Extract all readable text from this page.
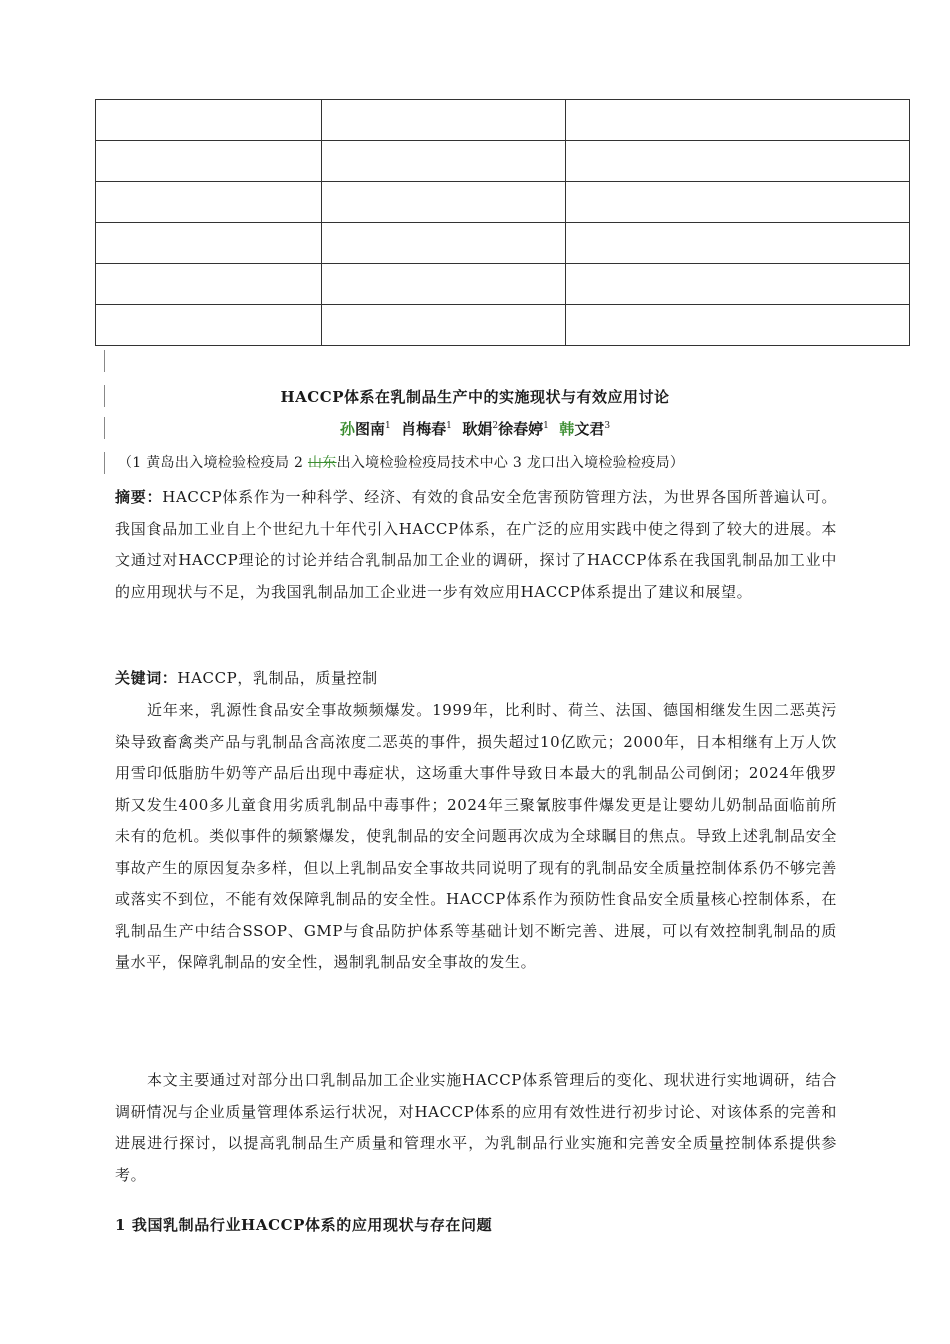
HACCP体系在乳制品生产中的实施现状与有效应用讨论
孙图南$^1$ 肖梅春$^1$ 耿娟$^2$徐春婷$^1$ 韩文君$^3$
（1 黄岛出入境检验检疫局 2 山东出入境检验检疫局技术中心 3 龙口出入境检验检疫局）
摘要：HACCP体系作为一种科学、经济、有效的食品安全危害预防管理方法，为世界各国所普遍认可。我国食品加工业自上个世纪九十年代引入HACCP体系，在广泛的应用实践中使之得到了较大的进展。本文通过对HACCP理论的讨论并结合乳制品加工企业的调研，探讨了HACCP体系在我国乳制品加工业中的应用现状与不足，为我国乳制品加工企业进一步有效应用HACCP体系提出了建议和展望。
关键词：HACCP，乳制品，质量控制
近年来，乳源性食品安全事故频频爆发。1999年，比利时、荷兰、法国、德国相继发生因二恶英污染导致畜禽类产品与乳制品含高浓度二恶英的事件，损失超过10亿欧元；2000年，日本相继有上万人饮用雪印低脂肪牛奶等产品后出现中毒症状，这场重大事件导致日本最大的乳制品公司倒闭；2024年俄罗斯又发生400多儿童食用劣质乳制品中毒事件；2024年三聚氰胺事件爆发更是让婴幼儿奶制品面临前所未有的危机。类似事件的频繁爆发，使乳制品的安全问题再次成为全球瞩目的焦点。导致上述乳制品安全事故产生的原因复杂多样，但以上乳制品安全事故共同说明了现有的乳制品安全质量控制体系仍不够完善或落实不到位，不能有效保障乳制品的安全性。HACCP体系作为预防性食品安全质量核心控制体系，在乳制品生产中结合SSOP、GMP与食品防护体系等基础计划不断完善、进展，可以有效控制乳制品的质量水平，保障乳制品的安全性，遏制乳制品安全事故的发生。
本文主要通过对部分出口乳制品加工企业实施HACCP体系管理后的变化、现状进行实地调研，结合调研情况与企业质量管理体系运行状况，对HACCP体系的应用有效性进行初步讨论、对该体系的完善和进展进行探讨，以提高乳制品生产质量和管理水平，为乳制品行业实施和完善安全质量控制体系提供参考。
1 我国乳制品行业HACCP体系的应用现状与存在问题
